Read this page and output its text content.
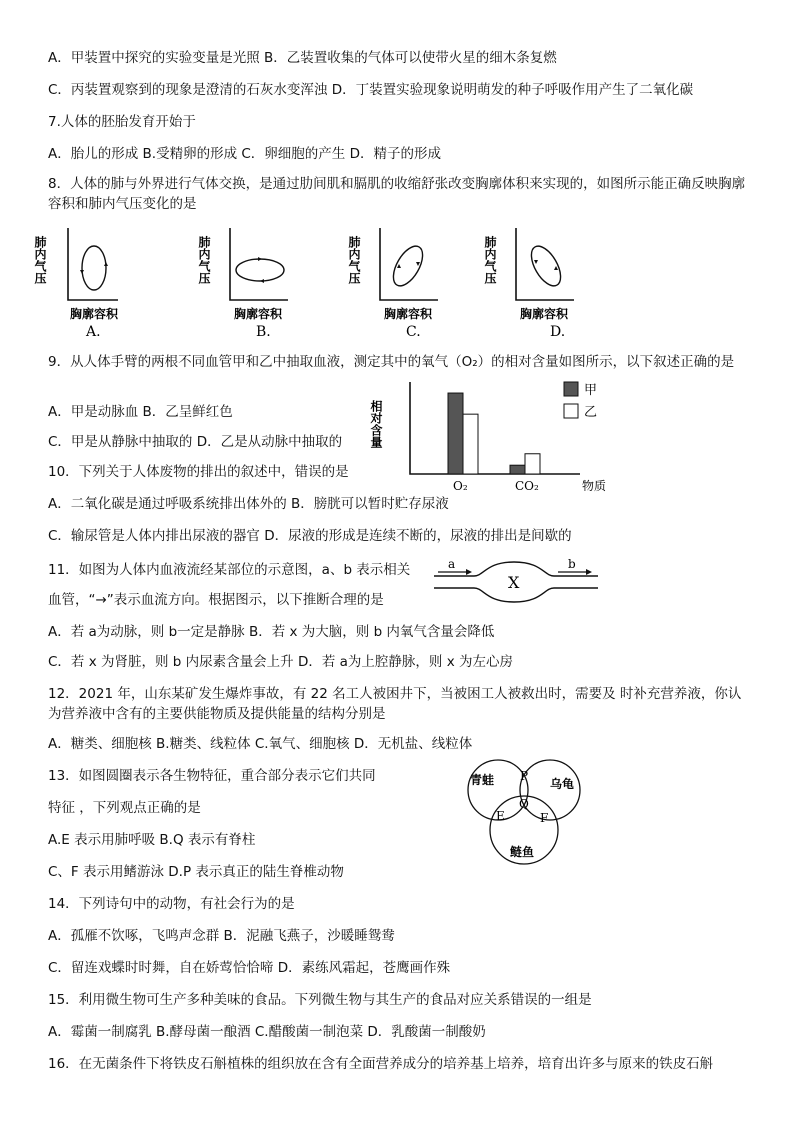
A．甲装置中探究的实验变量是光照 B．乙装置收集的气体可以使带火星的细木条复燃
C．丙装置观察到的现象是澄清的石灰水变浑浊 D．丁装置实验现象说明萌发的种子呼吸作用产生了二氧化碳
7.人体的胚胎发育开始于
A．胎儿的形成 B.受精卵的形成 C．卵细胞的产生 D．精子的形成
8．人体的肺与外界进行气体交换，是通过肋间肌和膈肌的收缩舒张改变胸廓体积来实现的，如图所示能正确反映胸廓容积和肺内气压变化的是
肺内气压
胸廓容积
A.
肺内气压
胸廓容积
B.
肺内气压
胸廓容积
C.
肺内气压
胸廓容积
D.
9．从人体手臂的两根不同血管甲和乙中抽取血液，测定其中的氧气（O₂）的相对含量如图所示，以下叙述正确的是
A．甲是动脉血 B．乙呈鲜红色
C．甲是从静脉中抽取的 D．乙是从动脉中抽取的 相对含量
物质
甲
乙
O₂	CO₂
10．下列关于人体废物的排出的叙述中，错误的是
A．二氧化碳是通过呼吸系统排出体外的 B．膀胱可以暂时贮存尿液
C．输尿管是人体内排出尿液的器官 D．尿液的形成是连续不断的，尿液的排出是间歇的
11．如图为人体内血液流经某部位的示意图，a、b 表示相关
血管，“→”表示血流方向。根据图示，以下推断合理的是
a	b
X
A．若 a为动脉，则 b一定是静脉 B．若 x 为大脑，则 b 内氧气含量会降低
C．若 x 为肾脏，则 b 内尿素含量会上升 D．若 a为上腔静脉，则 x 为左心房
12．2021 年，山东某矿发生爆炸事故，有 22 名工人被困井下，当被困工人被救出时，需要及 时补充营养液，你认为营养液中含有的主要供能物质及提供能量的结构分别是
A．糖类、细胞核 B.糖类、线粒体 C.氧气、细胞核 D．无机盐、线粒体
13．如图圆圈表示各生物特征，重合部分表示它们共同
特征 ，下列观点正确的是
A.E 表示用肺呼吸 B.Q 表示有脊柱
C、F 表示用鳍游泳 D.P 表示真正的陆生脊椎动物
青蛙	乌龟
鲢鱼
P
Q
E	F
14．下列诗句中的动物，有社会行为的是
A．孤雁不饮啄，飞鸣声念群 B．泥融飞燕子，沙暖睡鸳鸯
C．留连戏蝶时时舞，自在娇莺恰恰啼 D．素练风霜起，苍鹰画作殊
15．利用微生物可生产多种美味的食品。下列微生物与其生产的食品对应关系错误的一组是
A．霉菌一制腐乳 B.酵母菌一酿酒 C.醋酸菌一制泡菜 D．乳酸菌一制酸奶
16．在无菌条件下将铁皮石斛植株的组织放在含有全面营养成分的培养基上培养，培育出许多与原来的铁皮石斛
